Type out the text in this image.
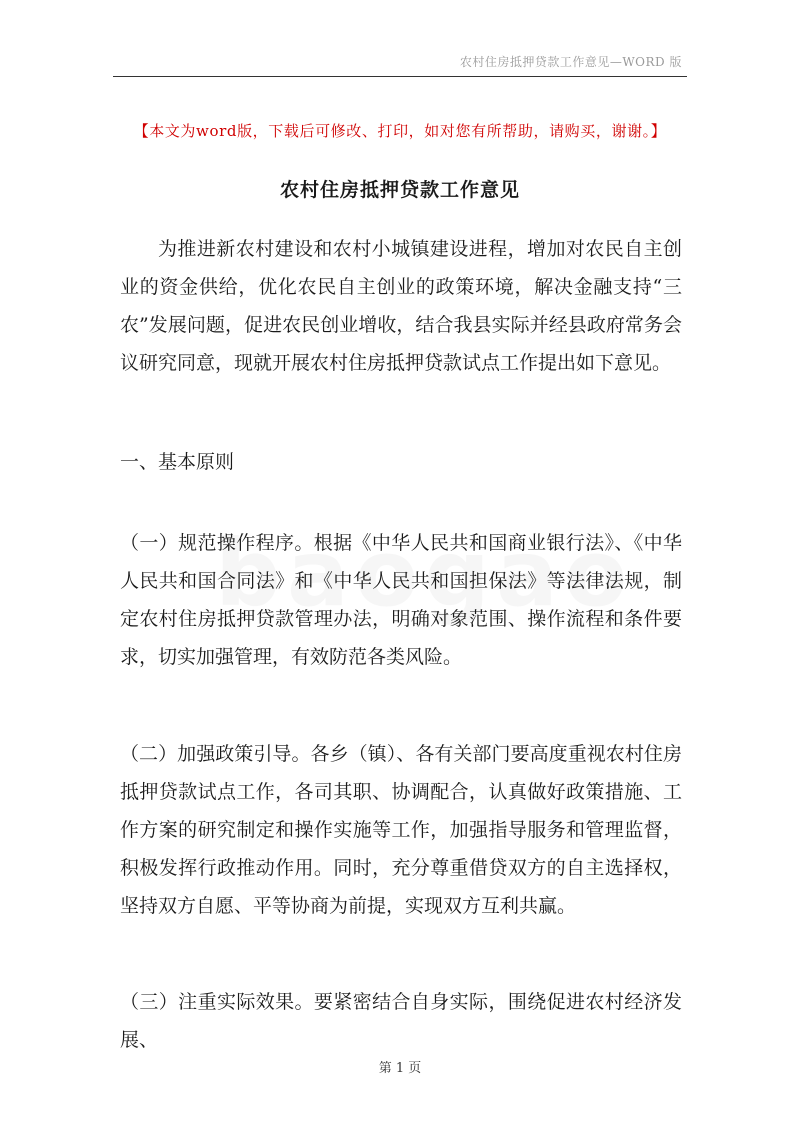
农村住房抵押贷款工作意见—WORD 版
【本文为word版，下载后可修改、打印，如对您有所帮助，请购买，谢谢。】
农村住房抵押贷款工作意见

为推进新农村建设和农村小城镇建设进程，增加对农民自主创业的资金供给，优化农民自主创业的政策环境，解决金融支持“三农”发展问题，促进农民创业增收，结合我县实际并经县政府常务会议研究同意，现就开展农村住房抵押贷款试点工作提出如下意见。

一、基本原则

（一）规范操作程序。根据《中华人民共和国商业银行法》、《中华人民共和国合同法》和《中华人民共和国担保法》等法律法规，制定农村住房抵押贷款管理办法，明确对象范围、操作流程和条件要求，切实加强管理，有效防范各类风险。

（二）加强政策引导。各乡（镇）、各有关部门要高度重视农村住房抵押贷款试点工作，各司其职、协调配合，认真做好政策措施、工作方案的研究制定和操作实施等工作，加强指导服务和管理监督，积极发挥行政推动作用。同时，充分尊重借贷双方的自主选择权，坚持双方自愿、平等协商为前提，实现双方互利共赢。

（三）注重实际效果。要紧密结合自身实际，围绕促进农村经济发展、

第 1 页
